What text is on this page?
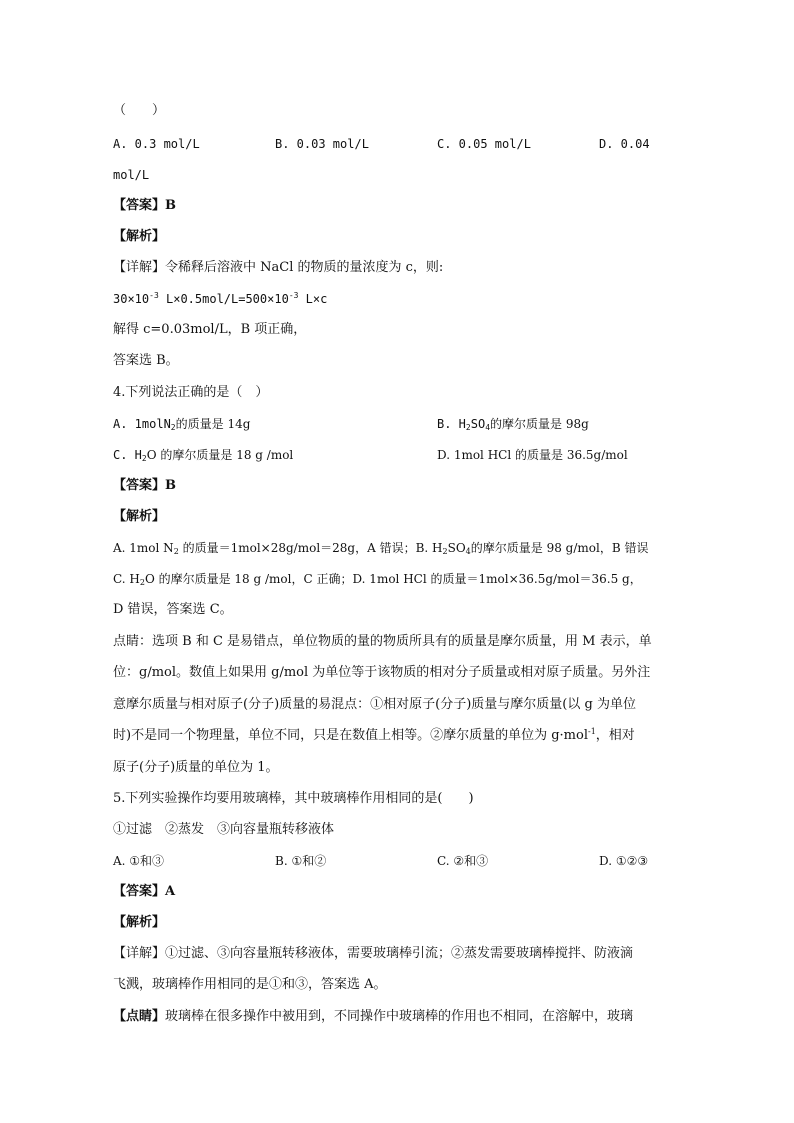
（　　）
A. 0.3 mol/L	B. 0.03 mol/L	C. 0.05 mol/L	D. 0.04
mol/L
【答案】B
【解析】
【详解】令稀释后溶液中 NaCl 的物质的量浓度为 c，则:
$30\times 10^{-3}$ $L\times 0.5mol/L=500\times 10^{-3}$ L×c
解得 c=0.03mol/L，B 项正确，
答案选 B。
4.下列说法正确的是（　）
A. 1molN$_2$的质量是 14g	B. $H_2SO_4$的摩尔质量是 98g
C. $H_2O$ 的摩尔质量是 18 g /mol	D. 1mol HCl 的质量是 36.5g/mol
【答案】B
【解析】
A. 1mol $N_2$ 的质量＝1mol×28g/mol＝28g，A 错误；B. $H_2SO_4$的摩尔质量是 98 g/mol，B 错误
C. $H_2O$ 的摩尔质量是 18 g /mol，C 正确；D. 1mol HCl 的质量＝1mol×36.5g/mol＝36.5 g，
D 错误，答案选 C。
点睛：选项 B 和 C 是易错点，单位物质的量的物质所具有的质量是摩尔质量，用 M 表示，单
位：g/mol。数值上如果用 g/mol 为单位等于该物质的相对分子质量或相对原子质量。另外注
意摩尔质量与相对原子(分子)质量的易混点：①相对原子(分子)质量与摩尔质量(以 g 为单位
时)不是同一个物理量，单位不同，只是在数值上相等。②摩尔质量的单位为 g·mol$^{-1}$，相对
原子(分子)质量的单位为 1。
5.下列实验操作均要用玻璃棒，其中玻璃棒作用相同的是(　　)
①过滤　②蒸发　③向容量瓶转移液体
A. ①和③	B. ①和②	C. ②和③	D. ①②③
【答案】A
【解析】
【详解】①过滤、③向容量瓶转移液体，需要玻璃棒引流；②蒸发需要玻璃棒搅拌、防液滴
飞溅，玻璃棒作用相同的是①和③，答案选 A。
【点睛】玻璃棒在很多操作中被用到，不同操作中玻璃棒的作用也不相同，在溶解中，玻璃
